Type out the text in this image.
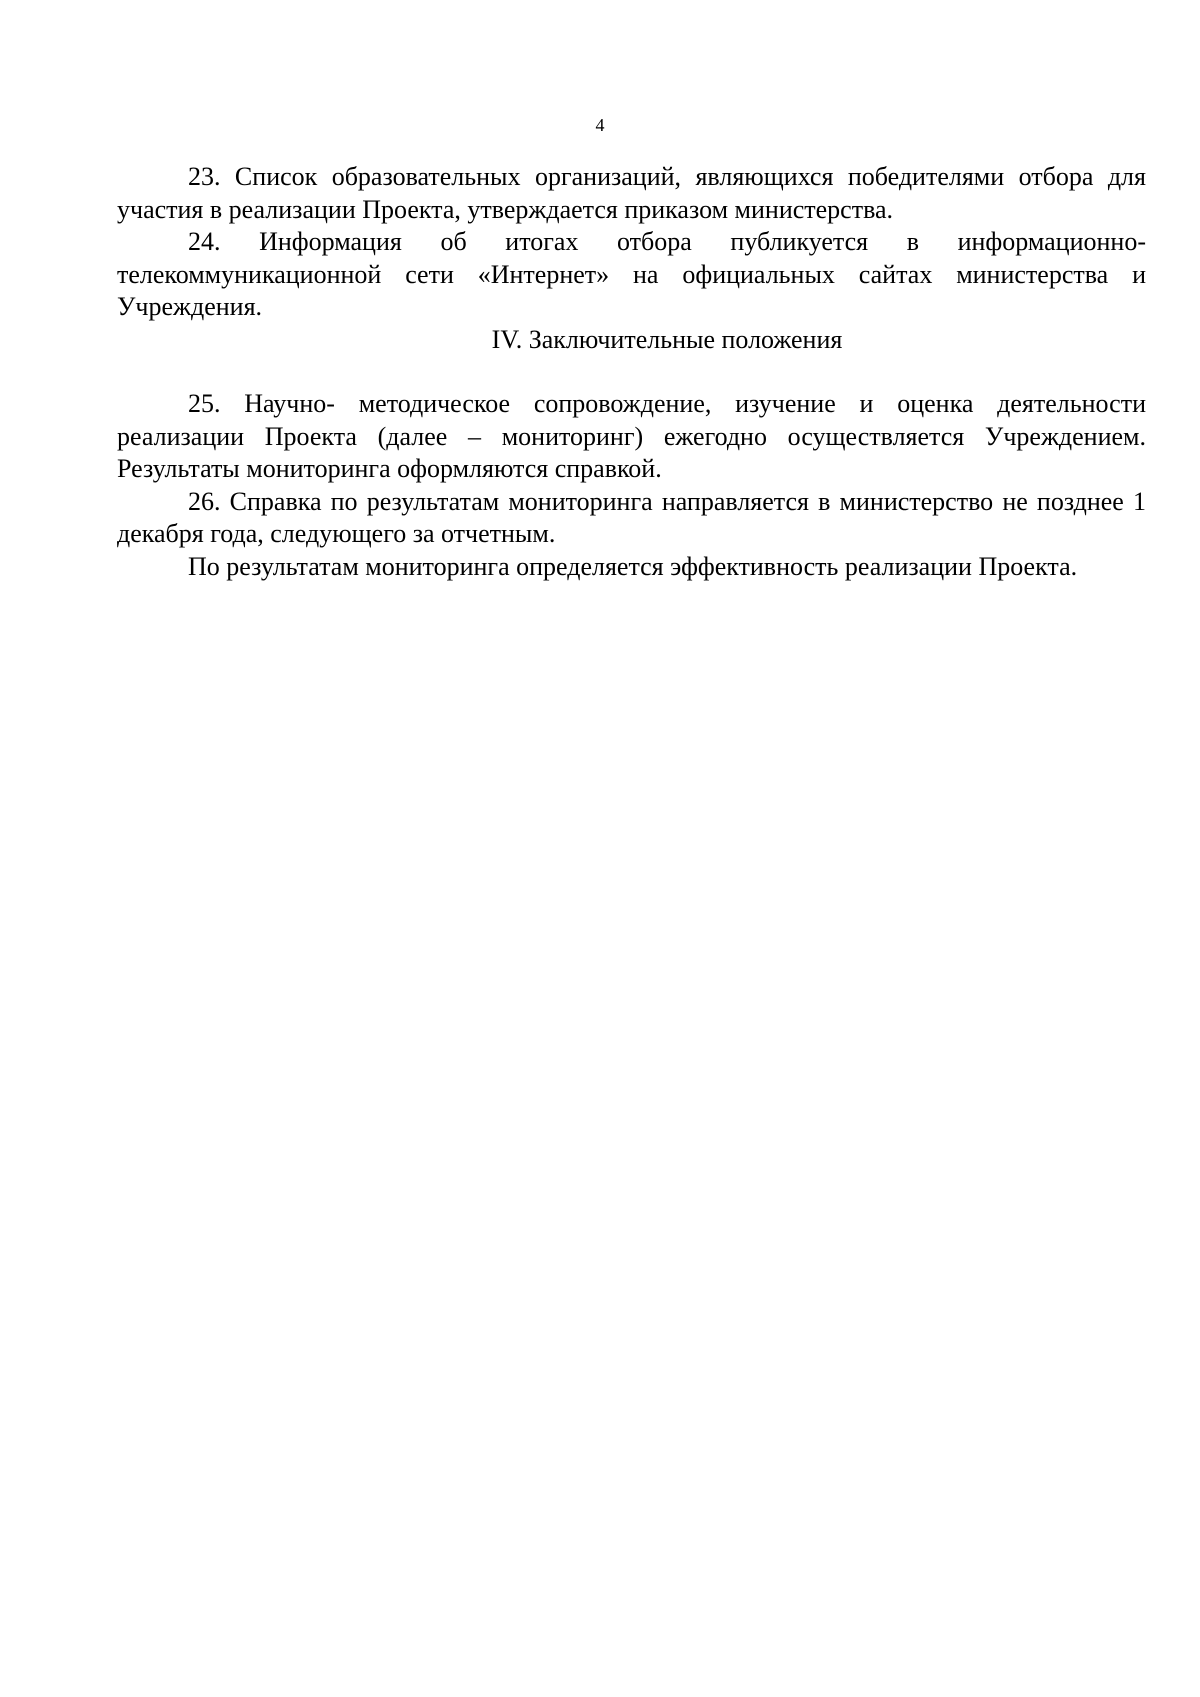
4

23. Список образовательных организаций, являющихся победителями отбора для участия в реализации Проекта, утверждается приказом министерства.

24. Информация об итогах отбора публикуется в информационно-телекоммуникационной сети «Интернет» на официальных сайтах министерства и Учреждения.

IV. Заключительные положения

25. Научно- методическое сопровождение, изучение и оценка деятельности реализации Проекта (далее – мониторинг) ежегодно осуществляется Учреждением. Результаты мониторинга оформляются справкой.

26. Справка по результатам мониторинга направляется в министерство не позднее 1 декабря года, следующего за отчетным.

По результатам мониторинга определяется эффективность реализации Проекта.
